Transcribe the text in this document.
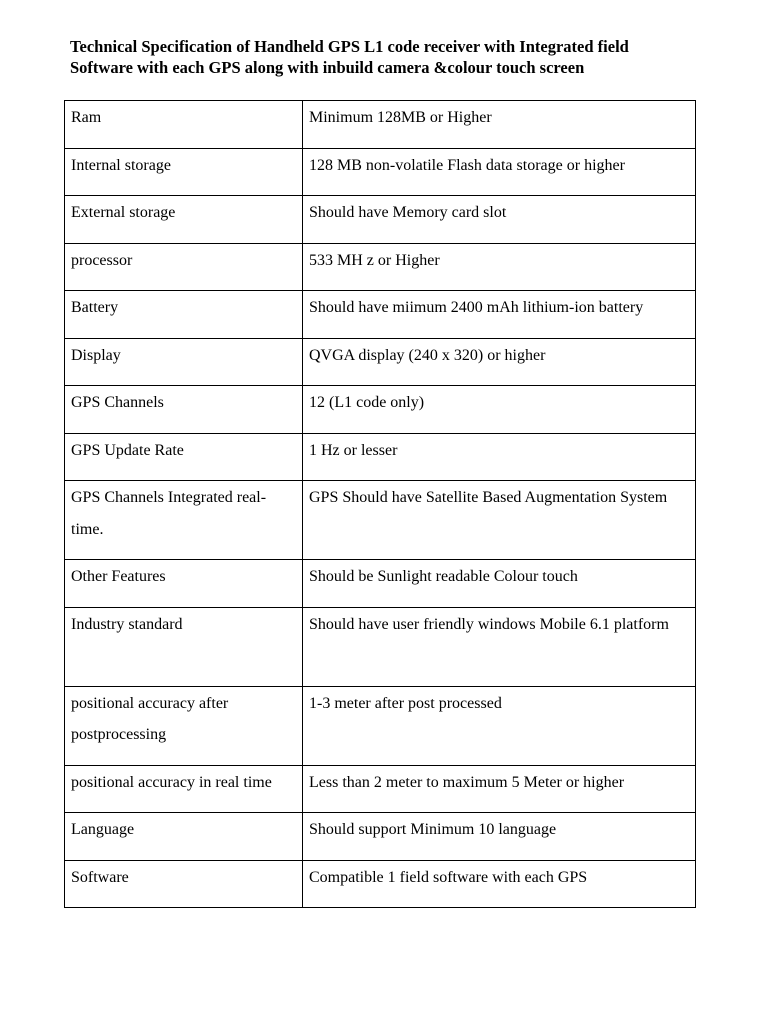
Technical Specification of Handheld GPS L1 code receiver with Integrated field
Software with each GPS along with inbuild camera &colour touch screen
Ram	Minimum 128MB or Higher
Internal storage	128 MB non-volatile Flash data storage or higher
External storage	Should have Memory card slot
processor	533 MH z or Higher
Battery	Should have miimum 2400 mAh lithium-ion battery
Display	QVGA display (240 x 320) or higher
GPS Channels	12 (L1 code only)
GPS Update Rate	1 Hz or lesser
GPS Channels Integrated real-time.	GPS Should have Satellite Based Augmentation System
Other Features	Should be Sunlight readable Colour touch
Industry standard	Should have user friendly windows Mobile 6.1 platform
positional accuracy after postprocessing	1-3 meter after post processed
positional accuracy in real time	Less than 2 meter to maximum 5 Meter or higher
Language	Should support Minimum 10 language
Software	Compatible 1 field software with each GPS
